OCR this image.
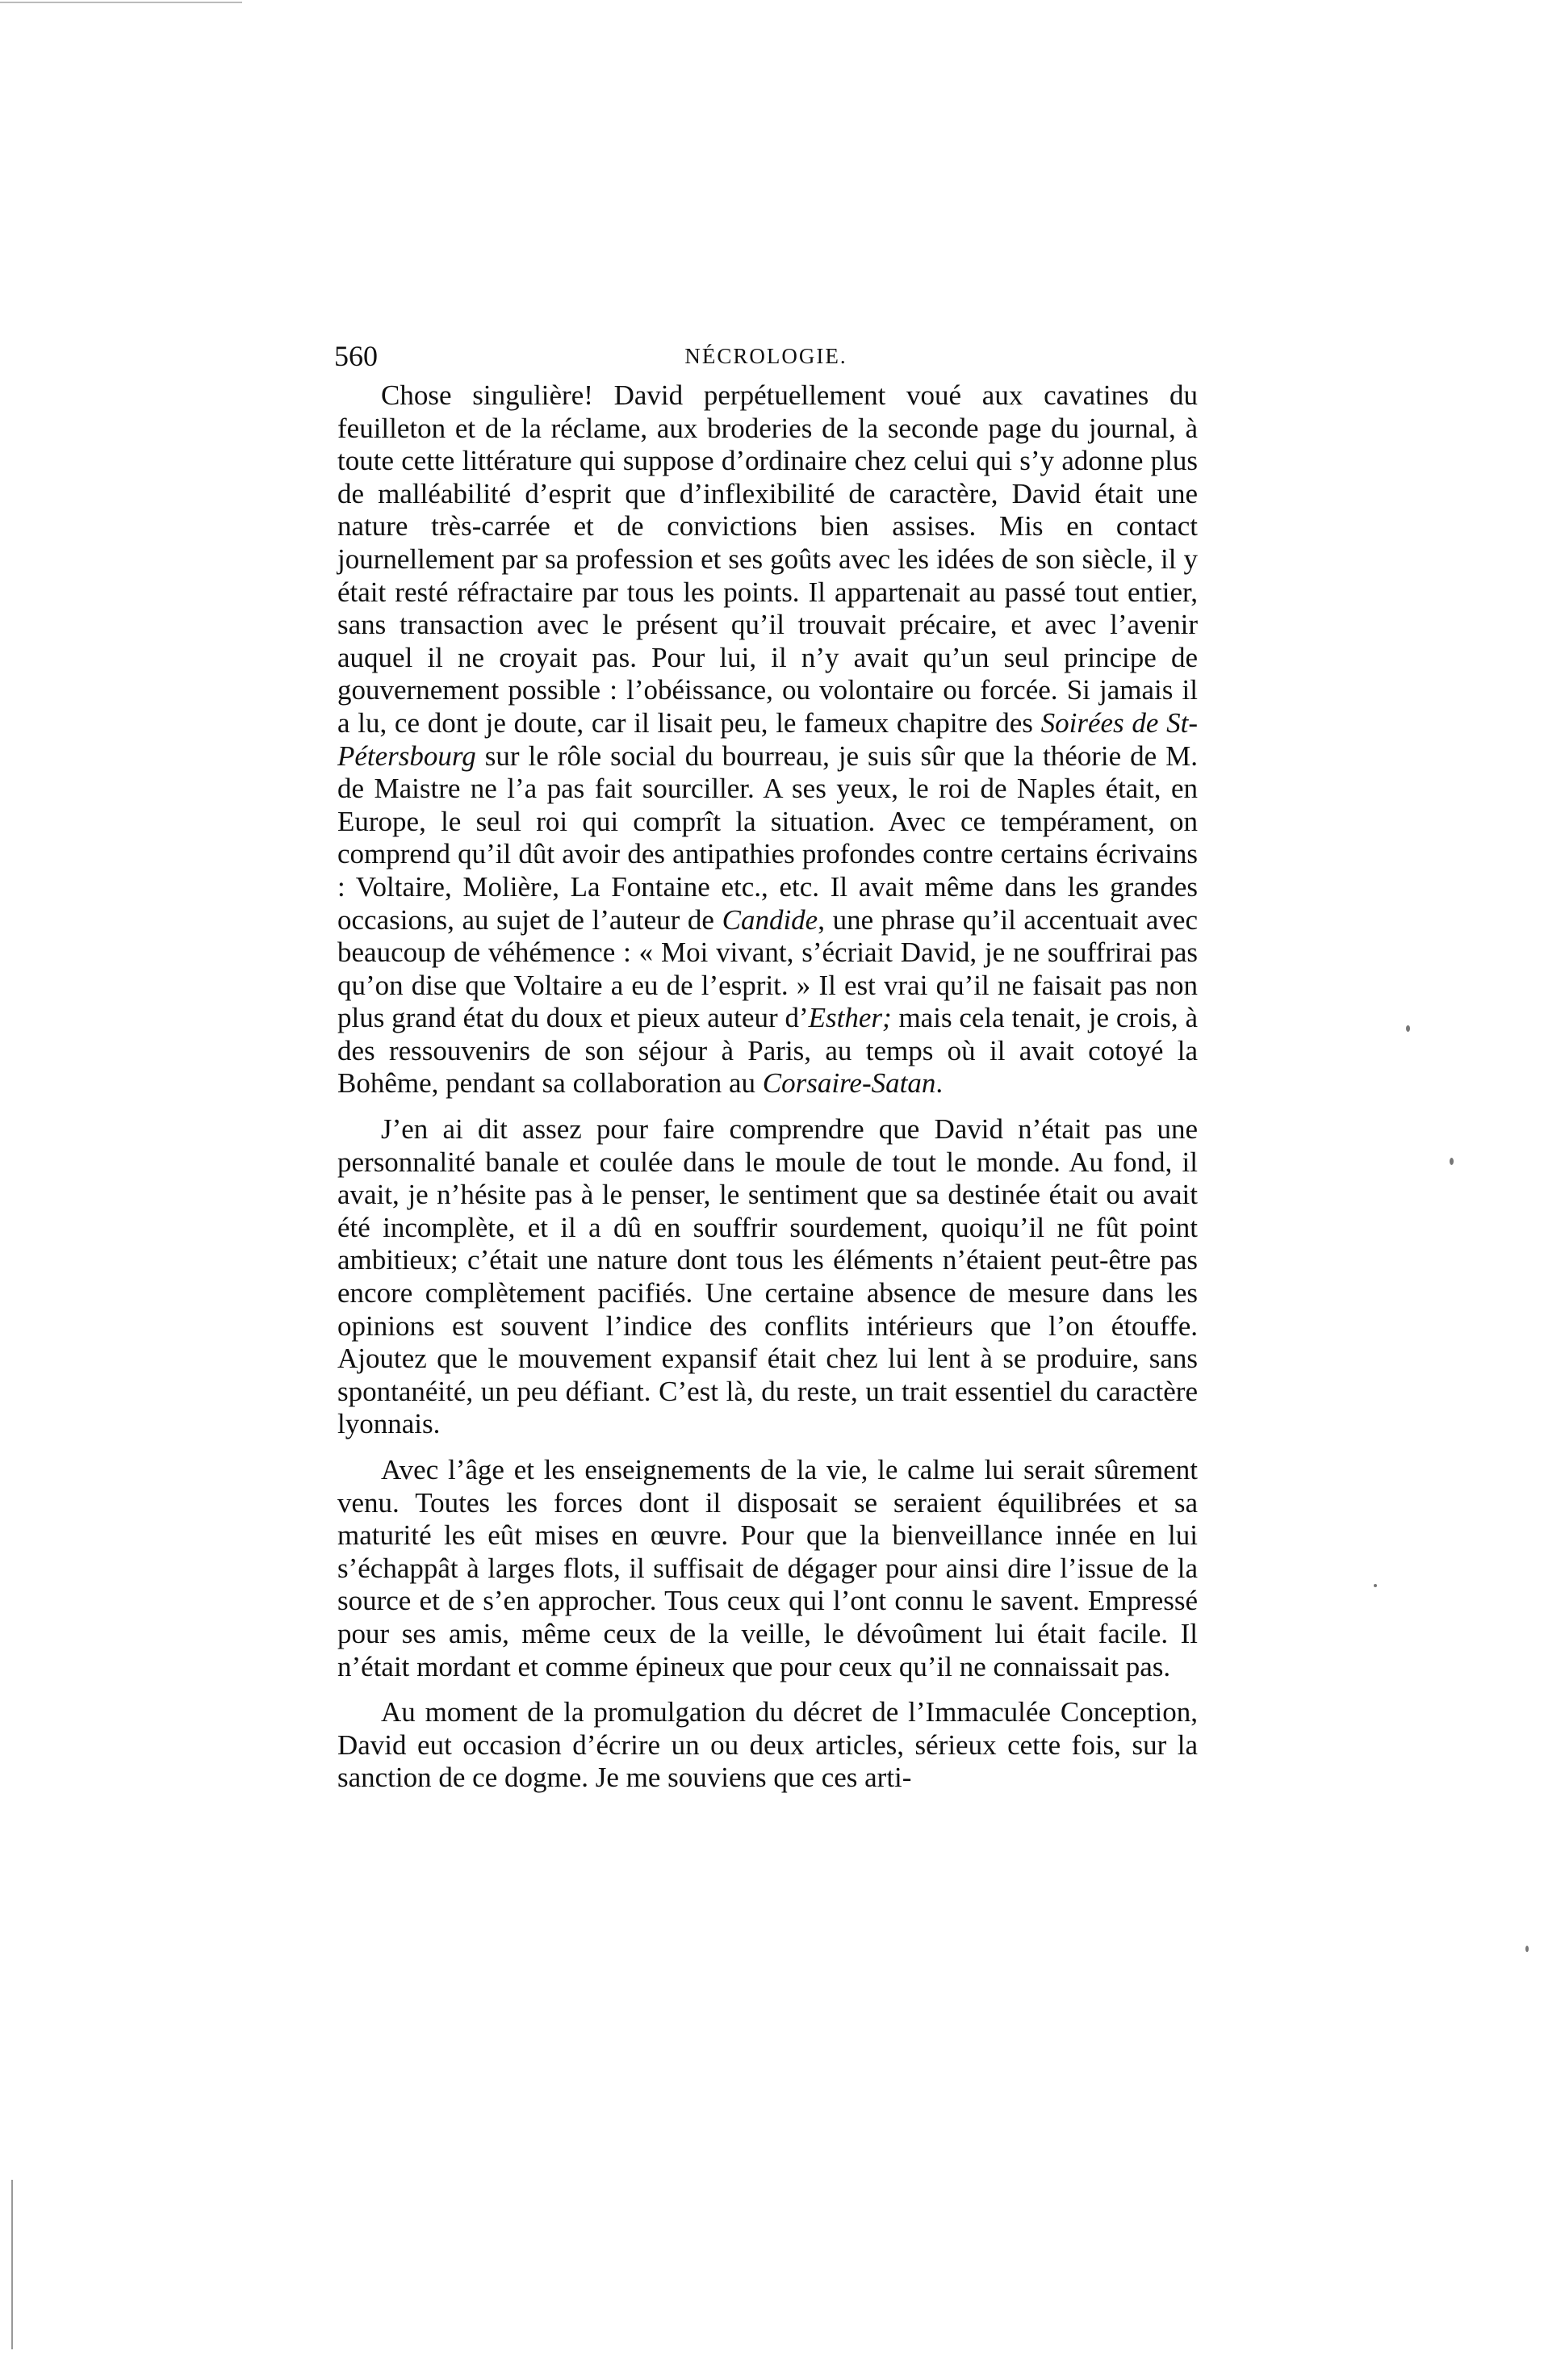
560	NÉCROLOGIE.

Chose singulière! David perpétuellement voué aux cavatines du feuilleton et de la réclame, aux broderies de la seconde page du journal, à toute cette littérature qui suppose d’ordinaire chez celui qui s’y adonne plus de malléabilité d’esprit que d’inflexibilité de caractère, David était une nature très-carrée et de convictions bien assises. Mis en contact journellement par sa profession et ses goûts avec les idées de son siècle, il y était resté réfractaire par tous les points. Il appartenait au passé tout entier, sans transaction avec le présent qu’il trouvait précaire, et avec l’avenir auquel il ne croyait pas. Pour lui, il n’y avait qu’un seul principe de gouvernement possible : l’obéissance, ou volontaire ou forcée. Si jamais il a lu, ce dont je doute, car il lisait peu, le fameux chapitre des Soirées de St-Pétersbourg sur le rôle social du bourreau, je suis sûr que la théorie de M. de Maistre ne l’a pas fait sourciller. A ses yeux, le roi de Naples était, en Europe, le seul roi qui comprît la situation. Avec ce tempérament, on comprend qu’il dût avoir des antipathies profondes contre certains écrivains : Voltaire, Molière, La Fontaine etc., etc. Il avait même dans les grandes occasions, au sujet de l’auteur de Candide, une phrase qu’il accentuait avec beaucoup de véhémence : « Moi vivant, s’écriait David, je ne souffrirai pas qu’on dise que Voltaire a eu de l’esprit. » Il est vrai qu’il ne faisait pas non plus grand état du doux et pieux auteur d’Esther; mais cela tenait, je crois, à des ressouvenirs de son séjour à Paris, au temps où il avait cotoyé la Bohême, pendant sa collaboration au Corsaire-Satan.

J’en ai dit assez pour faire comprendre que David n’était pas une personnalité banale et coulée dans le moule de tout le monde. Au fond, il avait, je n’hésite pas à le penser, le sentiment que sa destinée était ou avait été incomplète, et il a dû en souffrir sourdement, quoiqu’il ne fût point ambitieux; c’était une nature dont tous les éléments n’étaient peut-être pas encore complètement pacifiés. Une certaine absence de mesure dans les opinions est souvent l’indice des conflits intérieurs que l’on étouffe. Ajoutez que le mouvement expansif était chez lui lent à se produire, sans spontanéité, un peu défiant. C’est là, du reste, un trait essentiel du caractère lyonnais.

Avec l’âge et les enseignements de la vie, le calme lui serait sûrement venu. Toutes les forces dont il disposait se seraient équilibrées et sa maturité les eût mises en œuvre. Pour que la bienveillance innée en lui s’échappât à larges flots, il suffisait de dégager pour ainsi dire l’issue de la source et de s’en approcher. Tous ceux qui l’ont connu le savent. Empressé pour ses amis, même ceux de la veille, le dévoûment lui était facile. Il n’était mordant et comme épineux que pour ceux qu’il ne connaissait pas.

Au moment de la promulgation du décret de l’Immaculée Conception, David eut occasion d’écrire un ou deux articles, sérieux cette fois, sur la sanction de ce dogme. Je me souviens que ces arti-
